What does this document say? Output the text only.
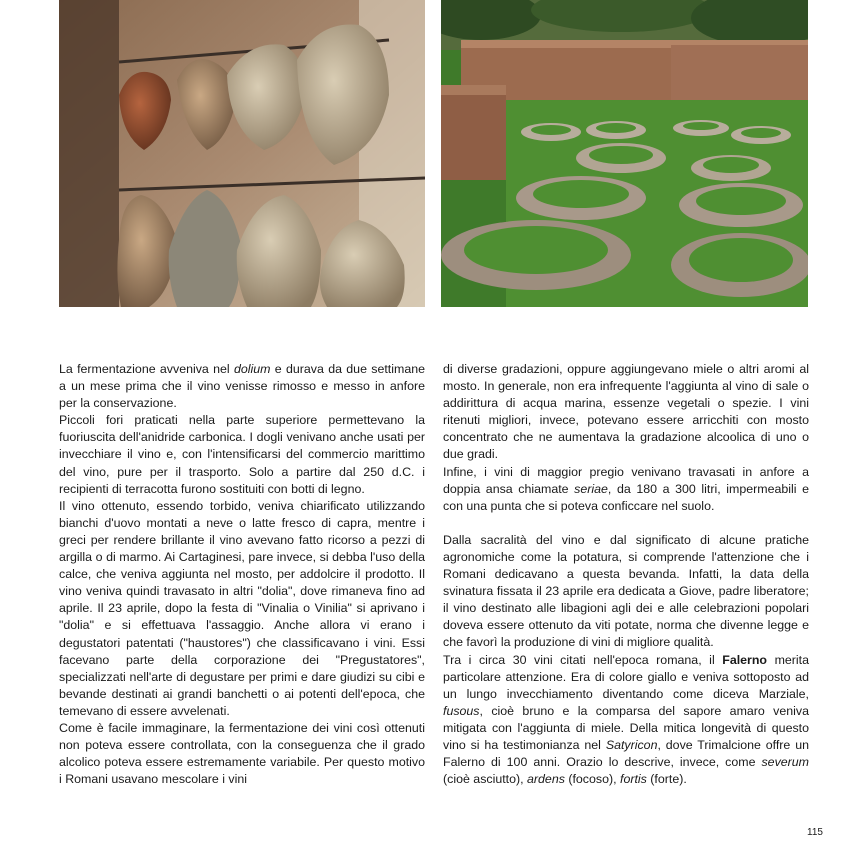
La fermentazione avveniva nel dolium e durava da due settimane a un mese prima che il vino venisse rimosso e messo in anfore per la conservazione.

Piccoli fori praticati nella parte superiore permettevano la fuoriuscita dell'anidride carbonica. I dogli venivano anche usati per invecchiare il vino e, con l'intensificarsi del commercio marittimo del vino, pure per il trasporto. Solo a partire dal 250 d.C. i recipienti di terracotta furono sostituiti con botti di legno.

Il vino ottenuto, essendo torbido, veniva chiarificato utilizzando bianchi d'uovo montati a neve o latte fresco di capra, mentre i greci per rendere brillante il vino avevano fatto ricorso a pezzi di argilla o di marmo. Ai Cartaginesi, pare invece, si debba l'uso della calce, che veniva aggiunta nel mosto, per addolcire il prodotto. Il vino veniva quindi travasato in altri "dolia", dove rimaneva fino ad aprile. Il 23 aprile, dopo la festa di "Vinalia o Vinilia" si aprivano i "dolia" e si effettuava l'assaggio. Anche allora vi erano i degustatori patentati ("haustores") che classificavano i vini. Essi facevano parte della corporazione dei "Pregustatores", specializzati nell'arte di degustare per primi e dare giudizi su cibi e bevande destinati ai grandi banchetti o ai potenti dell'epoca, che temevano di essere avvelenati.

Come è facile immaginare, la fermentazione dei vini così ottenuti non poteva essere controllata, con la conseguenza che il grado alcolico poteva essere estremamente variabile. Per questo motivo i Romani usavano mescolare i vini

di diverse gradazioni, oppure aggiungevano miele o altri aromi al mosto. In generale, non era infrequente l'aggiunta al vino di sale o addirittura di acqua marina, essenze vegetali o spezie. I vini ritenuti migliori, invece, potevano essere arricchiti con mosto concentrato che ne aumentava la gradazione alcoolica di uno o due gradi.

Infine, i vini di maggior pregio venivano travasati in anfore a doppia ansa chiamate seriae, da 180 a 300 litri, impermeabili e con una punta che si poteva conficcare nel suolo.

Dalla sacralità del vino e dal significato di alcune pratiche agronomiche come la potatura, si comprende l'attenzione che i Romani dedicavano a questa bevanda. Infatti, la data della svinatura fissata il 23 aprile era dedicata a Giove, padre liberatore; il vino destinato alle libagioni agli dei e alle celebrazioni popolari doveva essere ottenuto da viti potate, norma che divenne legge e che favorì la produzione di vini di migliore qualità.

Tra i circa 30 vini citati nell'epoca romana, il Falerno merita particolare attenzione. Era di colore giallo e veniva sottoposto ad un lungo invecchiamento diventando come diceva Marziale, fusous, cioè bruno e la comparsa del sapore amaro veniva mitigata con l'aggiunta di miele. Della mitica longevità di questo vino si ha testimonianza nel Satyricon, dove Trimalcione offre un Falerno di 100 anni. Orazio lo descrive, invece, come severum (cioè asciutto), ardens (focoso), fortis (forte).

115
